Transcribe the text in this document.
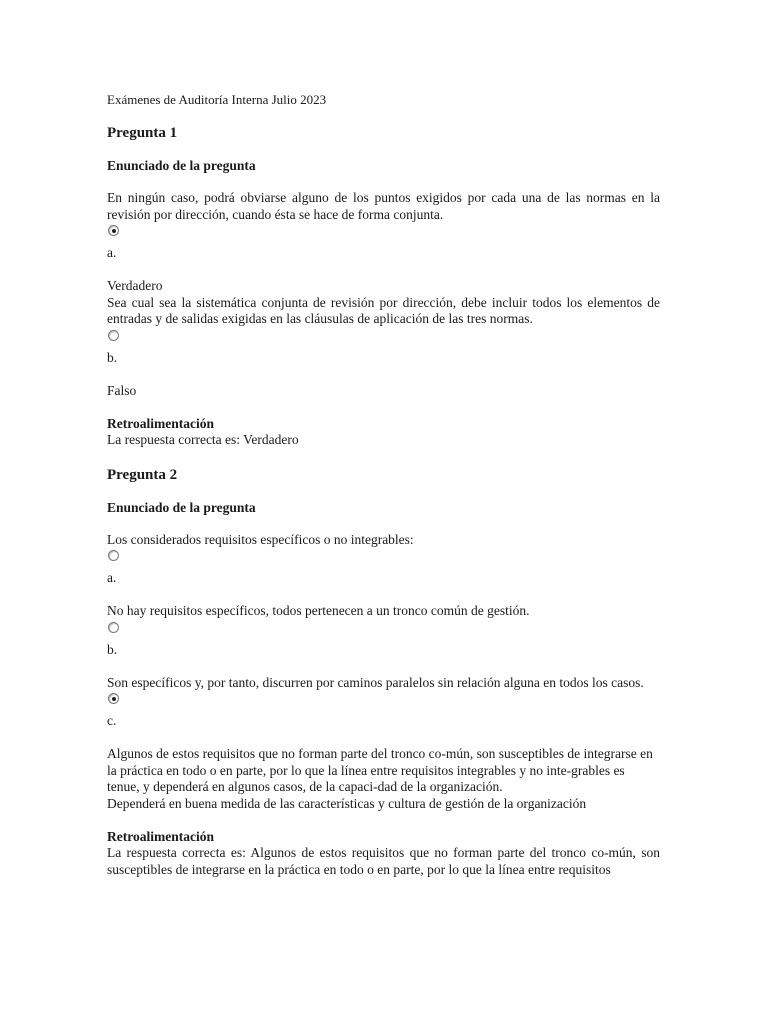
Exámenes de Auditoría Interna Julio 2023

Pregunta 1

Enunciado de la pregunta

En ningún caso, podrá obviarse alguno de los puntos exigidos por cada una de las normas en la revisión por dirección, cuando ésta se hace de forma conjunta.

a.

Verdadero

Sea cual sea la sistemática conjunta de revisión por dirección, debe incluir todos los elementos de entradas y de salidas exigidas en las cláusulas de aplicación de las tres normas.

b.

Falso

Retroalimentación

La respuesta correcta es: Verdadero

Pregunta 2

Enunciado de la pregunta

Los considerados requisitos específicos o no integrables:

a.

No hay requisitos específicos, todos pertenecen a un tronco común de gestión.

b.

Son específicos y, por tanto, discurren por caminos paralelos sin relación alguna en todos los casos.

c.

Algunos de estos requisitos que no forman parte del tronco co-mún, son susceptibles de integrarse en la práctica en todo o en parte, por lo que la línea entre requisitos integrables y no inte-grables es tenue, y dependerá en algunos casos, de la capaci-dad de la organización.

Dependerá en buena medida de las características y cultura de gestión de la organización

Retroalimentación

La respuesta correcta es: Algunos de estos requisitos que no forman parte del tronco co-mún, son susceptibles de integrarse en la práctica en todo o en parte, por lo que la línea entre requisitos
